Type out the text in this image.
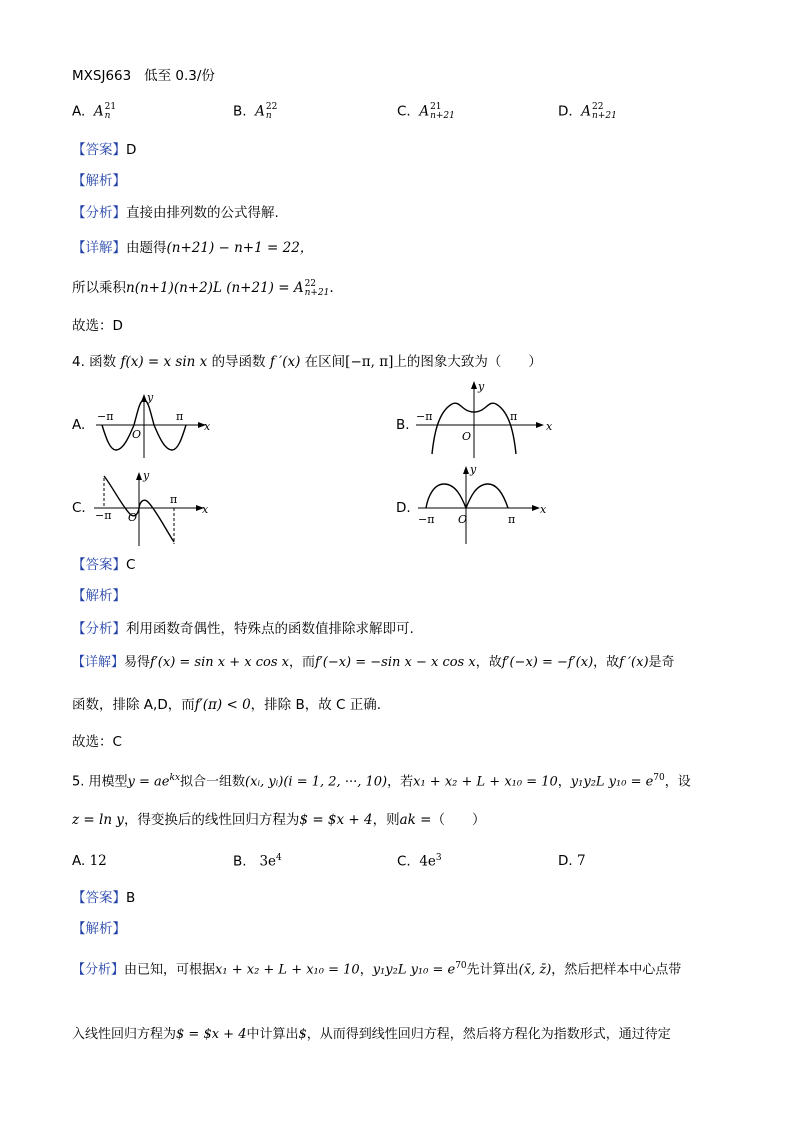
MXSJ663 低至 0.3/份
A. A21
n	B. A22
n	C. A21
n+21	D. A22
n+21
【答案】D
【解析】
【分析】直接由排列数的公式得解.
【详解】由题得(n+21) − n+1 = 22，
所以乘积n(n+1)(n+2)L (n+21) = A22
n+21.
故选：D
4. 函数 f(x) = x sin x 的导函数 f ′(x) 在区间[−π, π]上的图象大致为（　　）
A.
−π	π
y
x
O
B.
−π	π
y
x
O
C. −π
π
y
x
O
D.
−π	π
y
x
O
【答案】C
【解析】
【分析】利用函数奇偶性，特殊点的函数值排除求解即可.
【详解】易得f′(x) = sin x + x cos x，而f′(−x) = −sin x − x cos x，故f′(−x) = −f′(x)，故f ′(x)是奇
函数，排除 A,D，而f′(π) < 0，排除 B，故 C 正确.
故选：C
5. 用模型$y = ae^{kx}$拟合一组数(xᵢ, yᵢ)(i = 1, 2, ···, 10)，若x₁ + x₂ + L + x₁₀ = 10，y₁y₂L $y_{10} = e^{70}$，设
z = ln y，得变换后的线性回归方程为$ = $x + 4，则ak =（　　）
A. 12	B. $3e^4$	C. $4e^3$	D. 7
【答案】B
【解析】
【分析】由已知，可根据x₁ + x₂ + L + x₁₀ = 10，y₁y₂L $y_{10} = e^{70}$先计算出(x̄, z̄)，然后把样本中心点带
入线性回归方程为$ = $x + 4中计算出$，从而得到线性回归方程，然后将方程化为指数形式，通过待定
